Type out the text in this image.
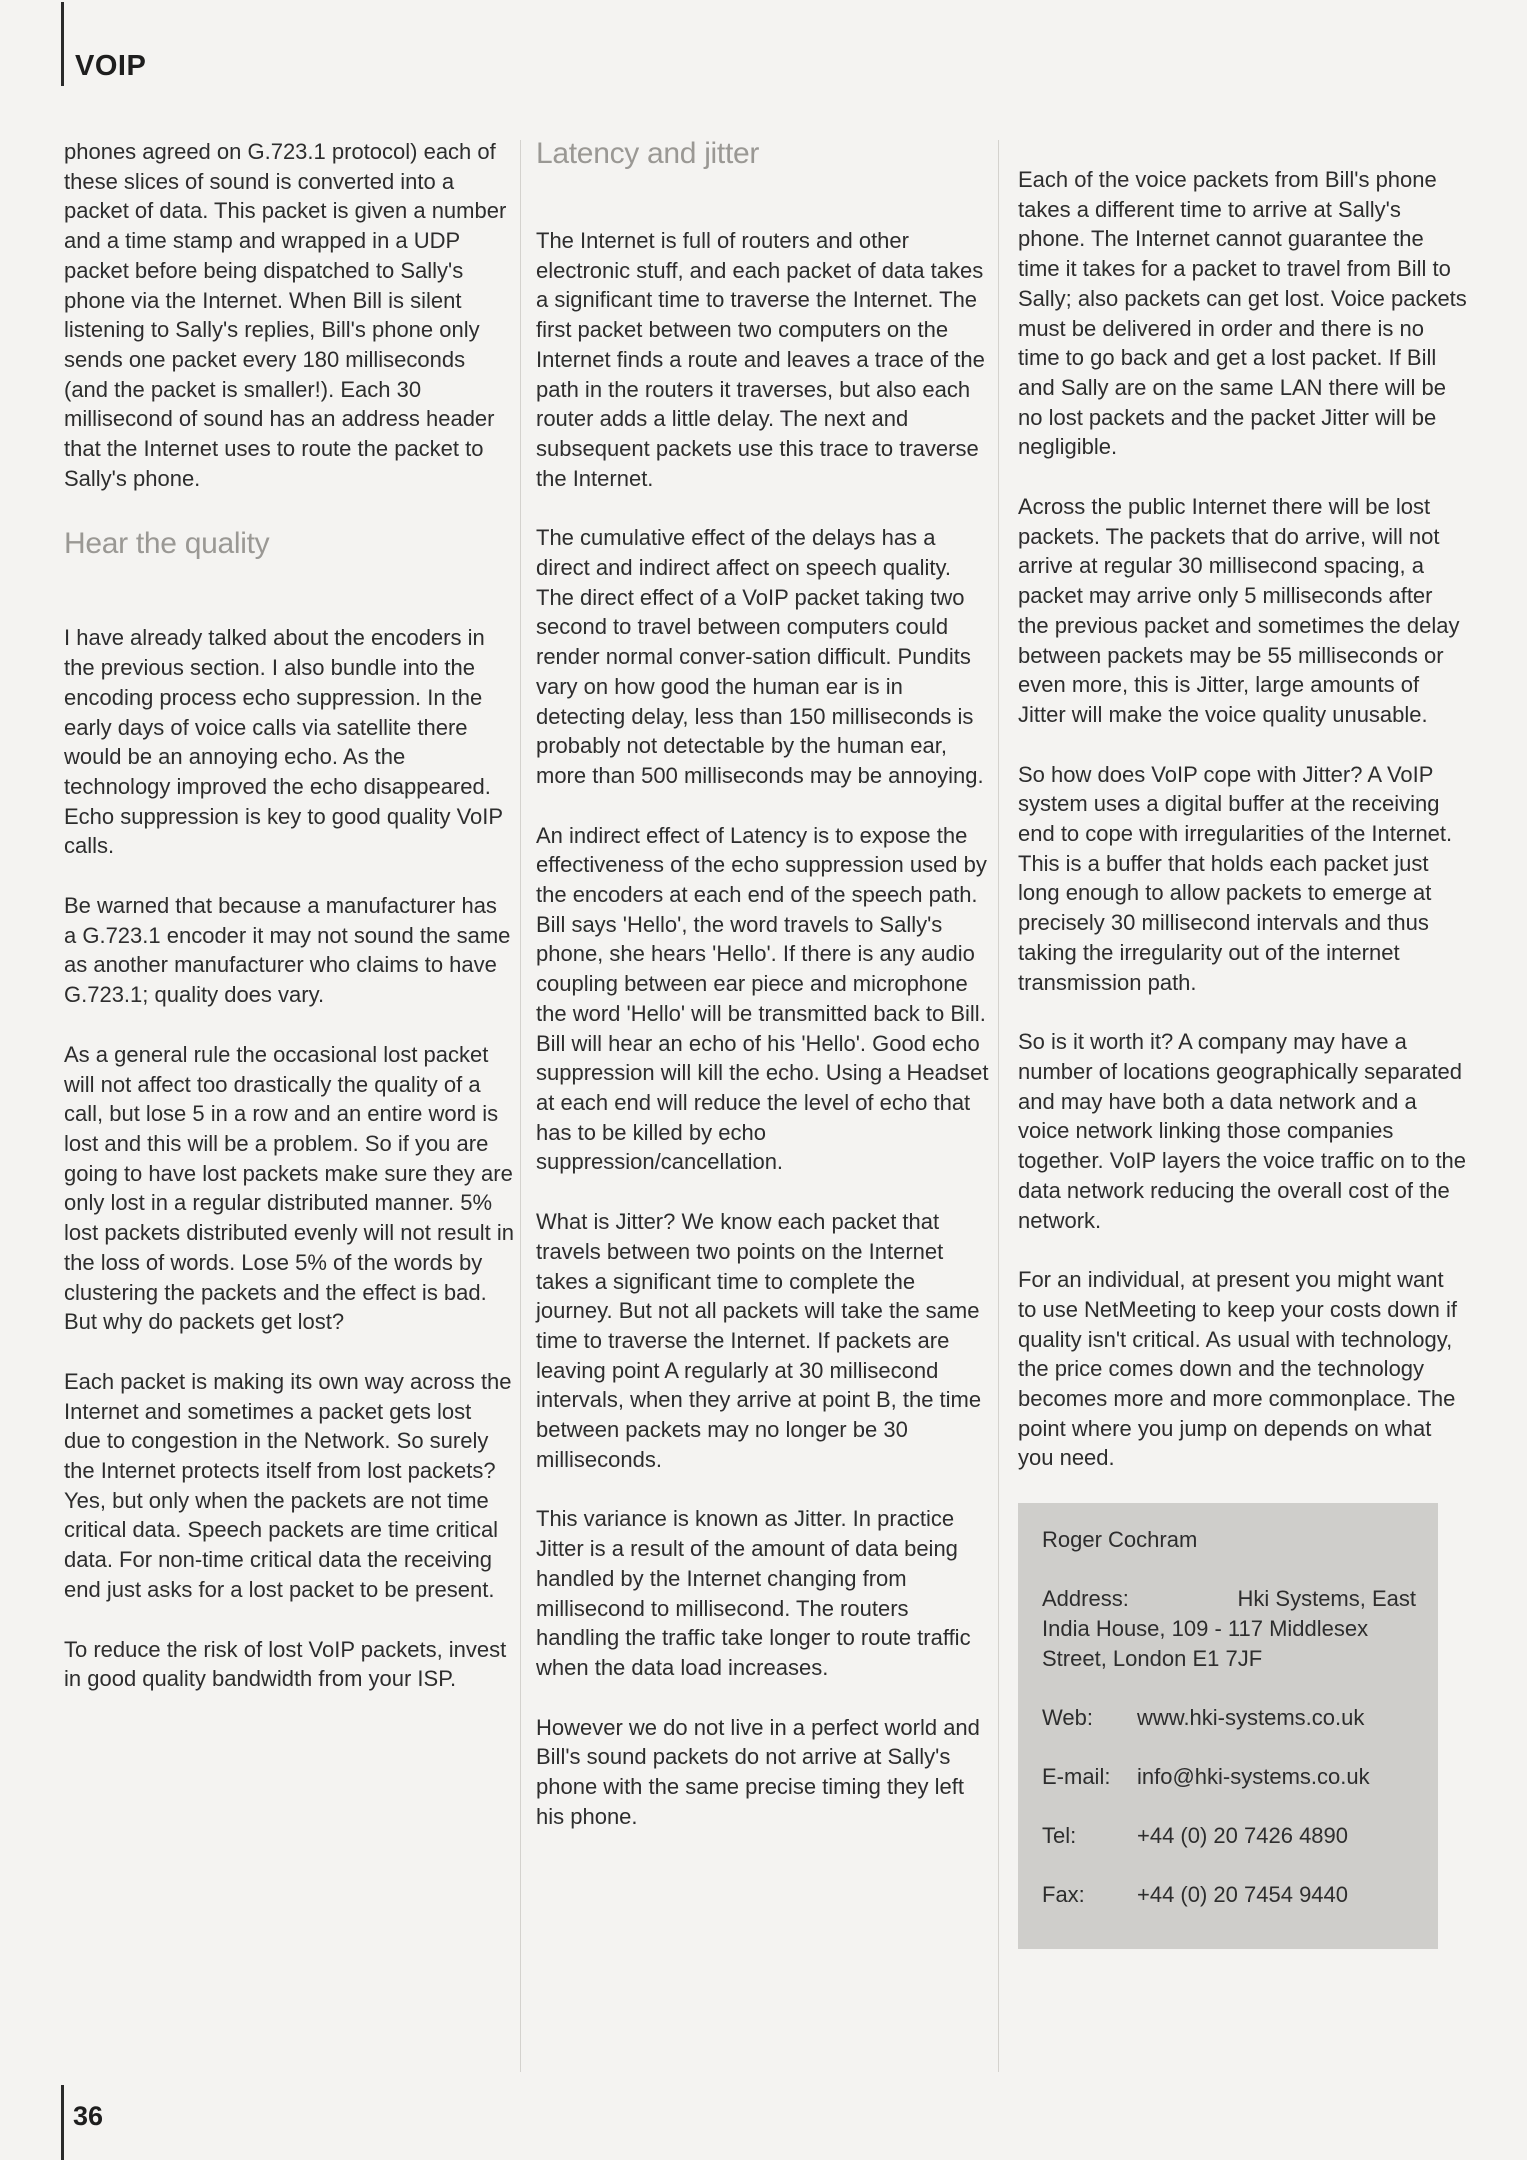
VOIP

phones agreed on G.723.1 protocol) each of these slices of sound is converted into a packet of data. This packet is given a number and a time stamp and wrapped in a UDP packet before being dispatched to Sally's phone via the Internet. When Bill is silent listening to Sally's replies, Bill's phone only sends one packet every 180 milliseconds (and the packet is smaller!). Each 30 millisecond of sound has an address header that the Internet uses to route the packet to Sally's phone.

Hear the quality

I have already talked about the encoders in the previous section. I also bundle into the encoding process echo suppression. In the early days of voice calls via satellite there would be an annoying echo. As the technology improved the echo disappeared. Echo suppression is key to good quality VoIP calls.

Be warned that because a manufacturer has a G.723.1 encoder it may not sound the same as another manufacturer who claims to have G.723.1; quality does vary.

As a general rule the occasional lost packet will not affect too drastically the quality of a call, but lose 5 in a row and an entire word is lost and this will be a problem. So if you are going to have lost packets make sure they are only lost in a regular distributed manner. 5% lost packets distributed evenly will not result in the loss of words. Lose 5% of the words by clustering the packets and the effect is bad. But why do packets get lost?

Each packet is making its own way across the Internet and sometimes a packet gets lost due to congestion in the Network. So surely the Internet protects itself from lost packets? Yes, but only when the packets are not time critical data. Speech packets are time critical data. For non-time critical data the receiving end just asks for a lost packet to be present.

To reduce the risk of lost VoIP packets, invest in good quality bandwidth from your ISP.

Latency and jitter

The Internet is full of routers and other electronic stuff, and each packet of data takes a significant time to traverse the Internet. The first packet between two computers on the Internet finds a route and leaves a trace of the path in the routers it traverses, but also each router adds a little delay. The next and subsequent packets use this trace to traverse the Internet.

The cumulative effect of the delays has a direct and indirect affect on speech quality. The direct effect of a VoIP packet taking two second to travel between computers could render normal conver-sation difficult. Pundits vary on how good the human ear is in detecting delay, less than 150 milliseconds is probably not detectable by the human ear, more than 500 milliseconds may be annoying.

An indirect effect of Latency is to expose the effectiveness of the echo suppression used by the encoders at each end of the speech path. Bill says 'Hello', the word travels to Sally's phone, she hears 'Hello'. If there is any audio coupling between ear piece and microphone the word 'Hello' will be transmitted back to Bill. Bill will hear an echo of his 'Hello'. Good echo suppression will kill the echo. Using a Headset at each end will reduce the level of echo that has to be killed by echo suppression/cancellation.

What is Jitter? We know each packet that travels between two points on the Internet takes a significant time to complete the journey. But not all packets will take the same time to traverse the Internet. If packets are leaving point A regularly at 30 millisecond intervals, when they arrive at point B, the time between packets may no longer be 30 milliseconds.

This variance is known as Jitter. In practice Jitter is a result of the amount of data being handled by the Internet changing from millisecond to millisecond. The routers handling the traffic take longer to route traffic when the data load increases.

However we do not live in a perfect world and Bill's sound packets do not arrive at Sally's phone with the same precise timing they left his phone.

Each of the voice packets from Bill's phone takes a different time to arrive at Sally's phone. The Internet cannot guarantee the time it takes for a packet to travel from Bill to Sally; also packets can get lost. Voice packets must be delivered in order and there is no time to go back and get a lost packet. If Bill and Sally are on the same LAN there will be no lost packets and the packet Jitter will be negligible.

Across the public Internet there will be lost packets. The packets that do arrive, will not arrive at regular 30 millisecond spacing, a packet may arrive only 5 milliseconds after the previous packet and sometimes the delay between packets may be 55 milliseconds or even more, this is Jitter, large amounts of Jitter will make the voice quality unusable.

So how does VoIP cope with Jitter? A VoIP system uses a digital buffer at the receiving end to cope with irregularities of the Internet. This is a buffer that holds each packet just long enough to allow packets to emerge at precisely 30 millisecond intervals and thus taking the irregularity out of the internet transmission path.

So is it worth it? A company may have a number of locations geographically separated and may have both a data network and a voice network linking those companies together. VoIP layers the voice traffic on to the data network reducing the overall cost of the network.

For an individual, at present you might want to use NetMeeting to keep your costs down if quality isn't critical. As usual with technology, the price comes down and the technology becomes more and more commonplace. The point where you jump on depends on what you need.

Roger Cochram
Address:	Hki Systems, East
India House, 109 - 117 Middlesex Street, London E1 7JF
Web:	www.hki-systems.co.uk
E-mail:	info@hki-systems.co.uk
Tel:	+44 (0) 20 7426 4890
Fax:	+44 (0) 20 7454 9440
36
